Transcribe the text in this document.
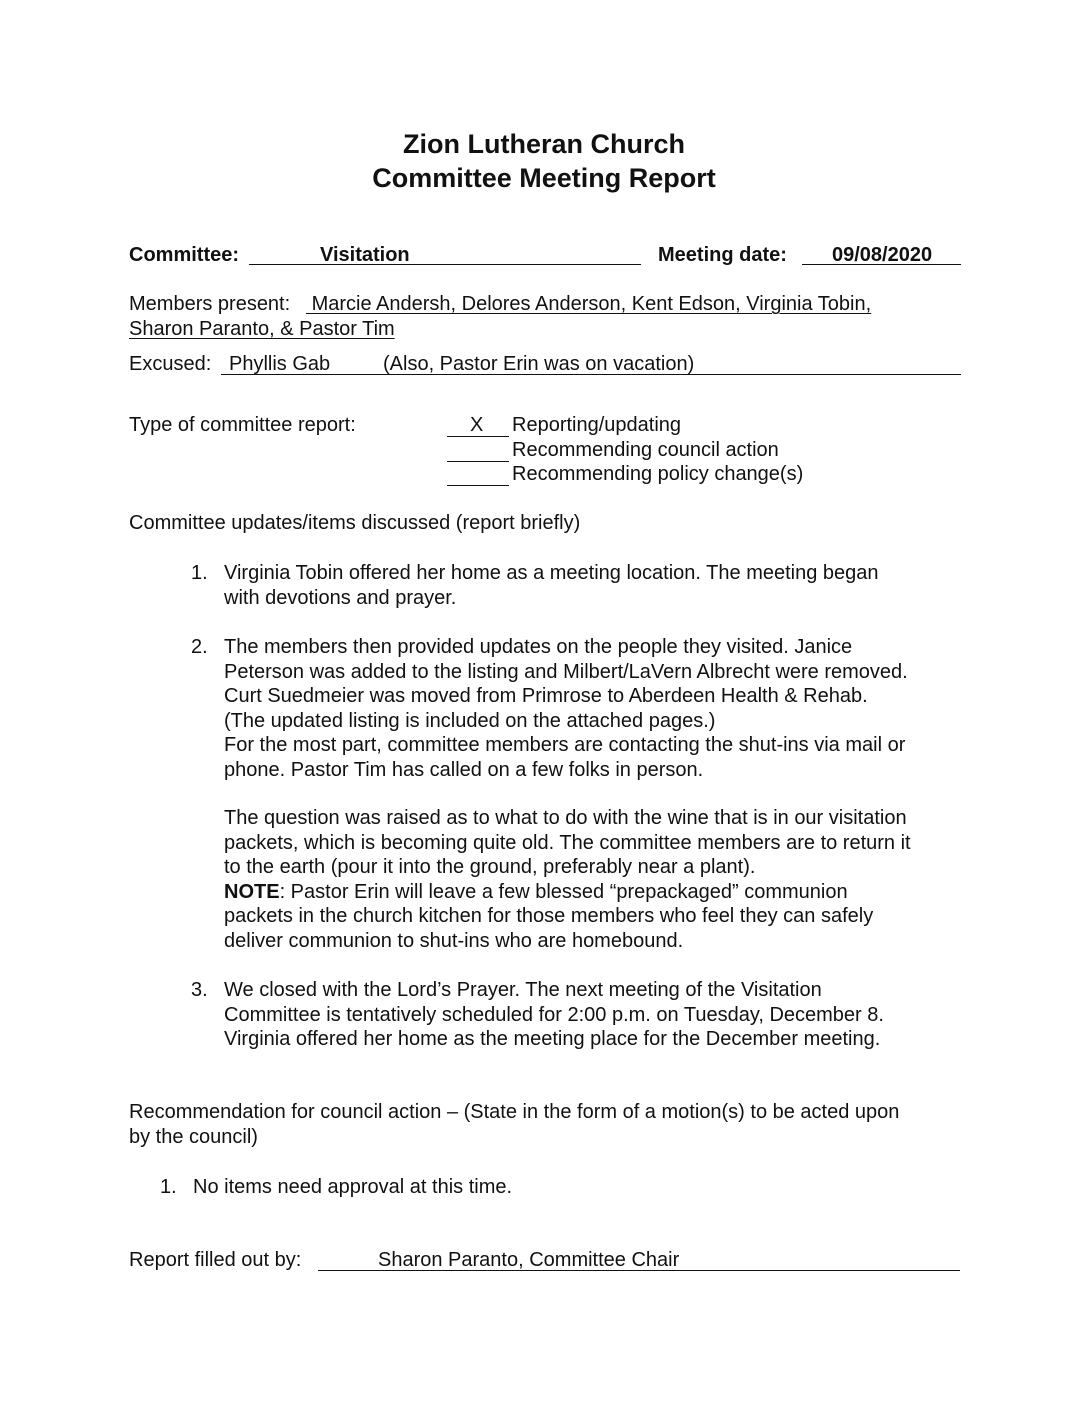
Zion Lutheran Church
Committee Meeting Report
Committee:	Visitation	Meeting date: 09/08/2020
Members present: Marcie Andersh, Delores Anderson, Kent Edson, Virginia Tobin,
Sharon Paranto, & Pastor Tim
Excused: Phyllis Gab	(Also, Pastor Erin was on vacation)
Type of committee report:	X Reporting/updating
Recommending council action
Recommending policy change(s)
Committee updates/items discussed (report briefly)
1. Virginia Tobin offered her home as a meeting location. The meeting began
with devotions and prayer.
2. The members then provided updates on the people they visited. Janice
Peterson was added to the listing and Milbert/LaVern Albrecht were removed.
Curt Suedmeier was moved from Primrose to Aberdeen Health & Rehab.
(The updated listing is included on the attached pages.)
For the most part, committee members are contacting the shut-ins via mail or
phone. Pastor Tim has called on a few folks in person.
The question was raised as to what to do with the wine that is in our visitation
packets, which is becoming quite old. The committee members are to return it
to the earth (pour it into the ground, preferably near a plant).
NOTE: Pastor Erin will leave a few blessed “prepackaged” communion
packets in the church kitchen for those members who feel they can safely
deliver communion to shut-ins who are homebound.
3. We closed with the Lord’s Prayer. The next meeting of the Visitation
Committee is tentatively scheduled for 2:00 p.m. on Tuesday, December 8.
Virginia offered her home as the meeting place for the December meeting.
Recommendation for council action – (State in the form of a motion(s) to be acted upon
by the council)
1. No items need approval at this time.
Report filled out by:	Sharon Paranto, Committee Chair
